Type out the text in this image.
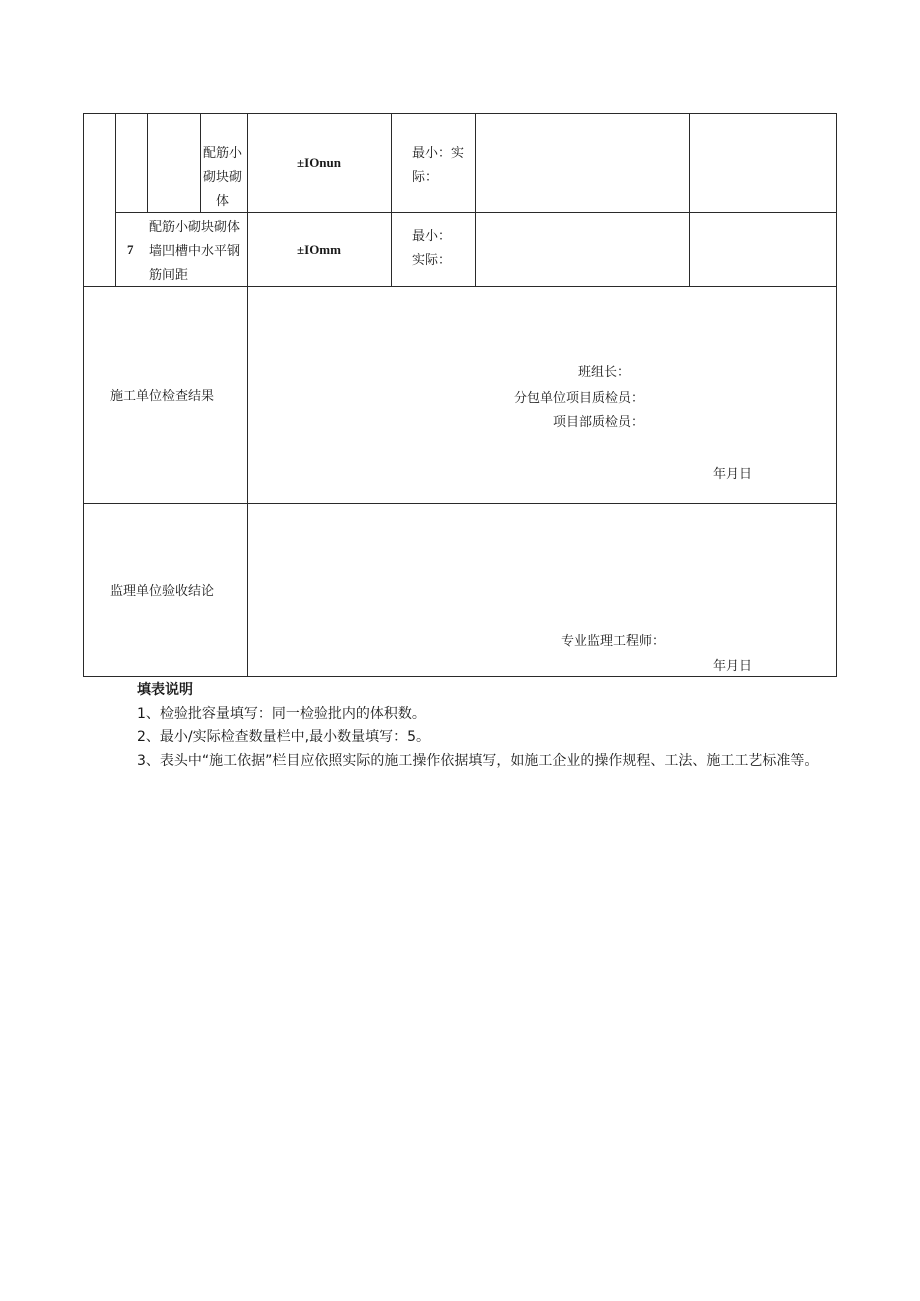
配筋小
砌块砌
体
±IOnun
最小：实
际：
7
配筋小砌块砌体
墙凹槽中水平钢
筋间距
±IOmm
最小：
实际：
施工单位检查结果
班组长：
分包单位项目质检员：
项目部质检员：
年月日
监理单位验收结论
专业监理工程师：
年月日
填表说明
1、检验批容量填写：同一检验批内的体积数。
2、最小/实际检查数量栏中,最小数量填写：5。
3、表头中“施工依据”栏目应依照实际的施工操作依据填写，如施工企业的操作规程、工法、施工工艺标准等。
